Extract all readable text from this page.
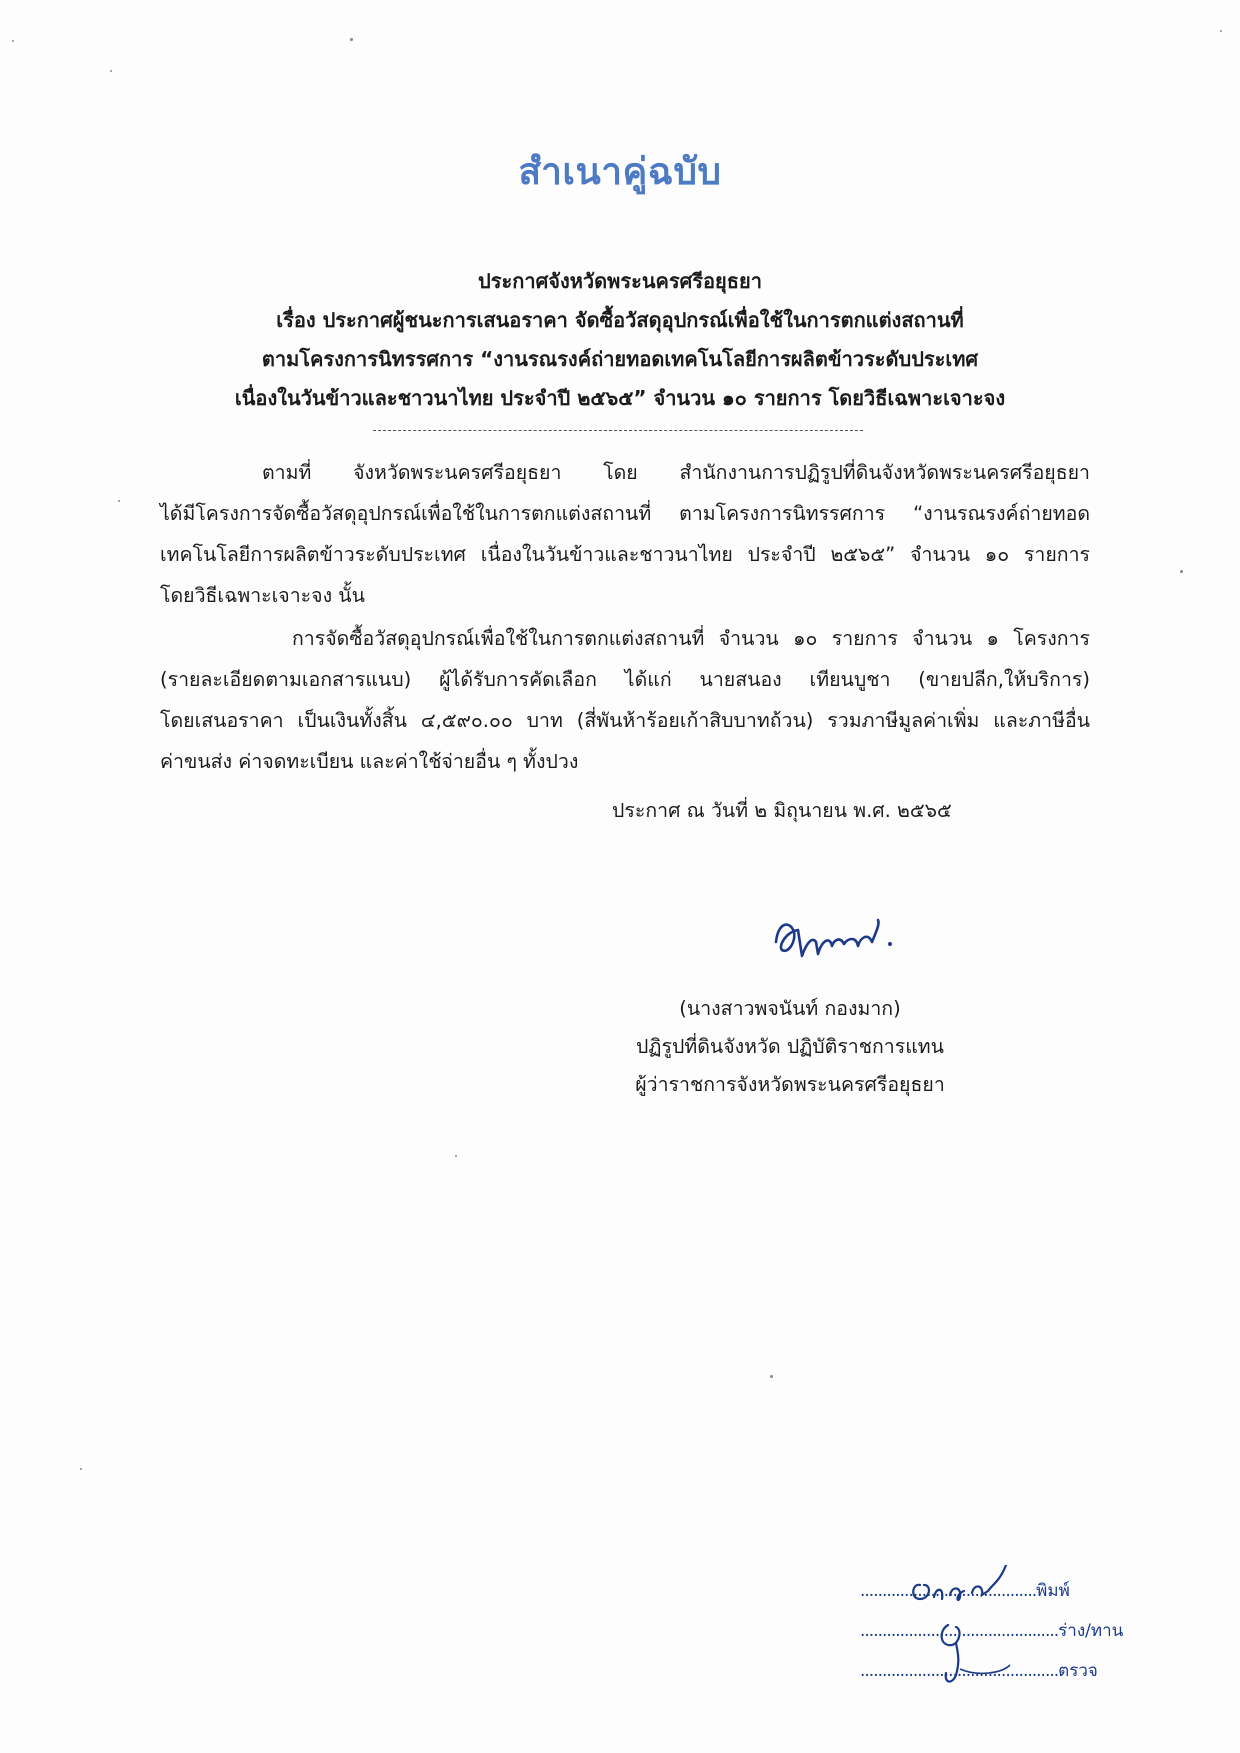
สำเนาคู่ฉบับ
ประกาศจังหวัดพระนครศรีอยุธยา
เรื่อง ประกาศผู้ชนะการเสนอราคา จัดซื้อวัสดุอุปกรณ์เพื่อใช้ในการตกแต่งสถานที่
ตามโครงการนิทรรศการ “งานรณรงค์ถ่ายทอดเทคโนโลยีการผลิตข้าวระดับประเทศ
เนื่องในวันข้าวและชาวนาไทย ประจำปี ๒๕๖๕” จำนวน ๑๐ รายการ โดยวิธีเฉพาะเจาะจง
ตามที่ จังหวัดพระนครศรีอยุธยา โดย สำนักงานการปฏิรูปที่ดินจังหวัดพระนครศรีอยุธยา
ได้มีโครงการจัดซื้อวัสดุอุปกรณ์เพื่อใช้ในการตกแต่งสถานที่ ตามโครงการนิทรรศการ “งานรณรงค์ถ่ายทอด
เทคโนโลยีการผลิตข้าวระดับประเทศ เนื่องในวันข้าวและชาวนาไทย ประจำปี ๒๕๖๕” จำนวน ๑๐ รายการ
โดยวิธีเฉพาะเจาะจง นั้น
การจัดซื้อวัสดุอุปกรณ์เพื่อใช้ในการตกแต่งสถานที่ จำนวน ๑๐ รายการ จำนวน ๑ โครงการ
(รายละเอียดตามเอกสารแนบ) ผู้ได้รับการคัดเลือก ได้แก่ นายสนอง เทียนบูชา (ขายปลีก,ให้บริการ)
โดยเสนอราคา เป็นเงินทั้งสิ้น ๔,๕๙๐.๐๐ บาท (สี่พันห้าร้อยเก้าสิบบาทถ้วน) รวมภาษีมูลค่าเพิ่ม และภาษีอื่น
ค่าขนส่ง ค่าจดทะเบียน และค่าใช้จ่ายอื่น ๆ ทั้งปวง
ประกาศ ณ วันที่ ๒ มิถุนายน พ.ศ. ๒๕๖๕
(นางสาวพจนันท์ กองมาก)
ปฏิรูปที่ดินจังหวัด ปฏิบัติราชการแทน
ผู้ว่าราชการจังหวัดพระนครศรีอยุธยา
........................................พิมพ์
.............................................ร่าง/ทาน
.............................................ตรวจ
